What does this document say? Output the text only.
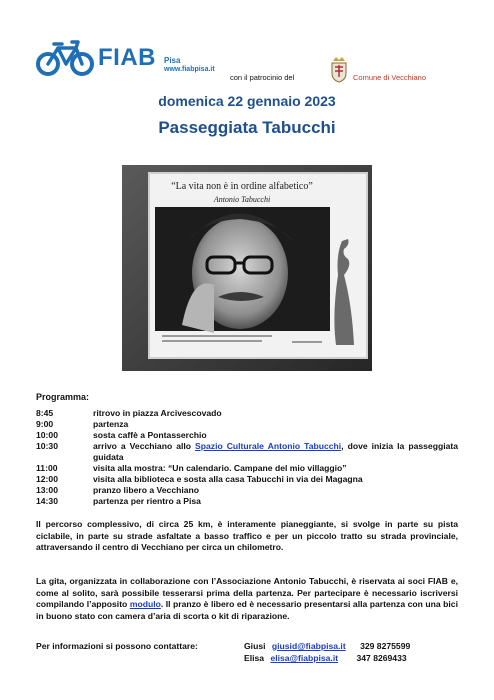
FIAB Pisa
www.fiabpisa.it
con il patrocinio del	Comune di Vecchiano
domenica 22 gennaio 2023
Passeggiata Tabucchi
“La vita non è in ordine alfabetico”
Antonio Tabucchi
Programma:
8:45	ritrovo in piazza Arcivescovado
9:00	partenza
10:00	sosta caffè a Pontasserchio
10:30	arrivo a Vecchiano allo Spazio Culturale Antonio Tabucchi, dove inizia la passeggiata guidata
11:00	visita alla mostra: “Un calendario. Campane del mio villaggio”
12:00	visita alla biblioteca e sosta alla casa Tabucchi in via dei Magagna
13:00	pranzo libero a Vecchiano
14:30	partenza per rientro a Pisa
Il percorso complessivo, di circa 25 km, è interamente pianeggiante, si svolge in parte su pista ciclabile, in parte su strade asfaltate a basso traffico e per un piccolo tratto su strada provinciale, attraversando il centro di Vecchiano per circa un chilometro.
La gita, organizzata in collaborazione con l’Associazione Antonio Tabucchi, è riservata ai soci FIAB e, come al solito, sarà possibile tesserarsi prima della partenza. Per partecipare è necessario iscriversi compilando l’apposito modulo. Il pranzo è libero ed è necessario presentarsi alla partenza con una bici in buono stato con camera d’aria di scorta o kit di riparazione.
Per informazioni si possono contattare:	Giusi giusid@fiabpisa.it 329 8275599
Elisa elisa@fiabpisa.it 347 8269433
